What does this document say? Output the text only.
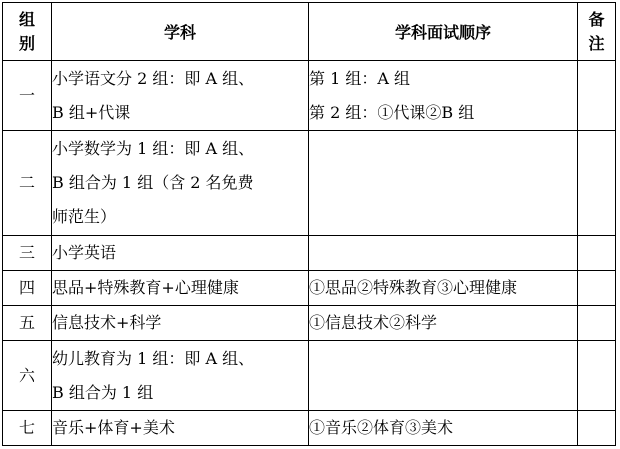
组别	学科	学科面试顺序	备注

一	小学语文分 2 组：即 A 组、
B 组+代课	第 1 组：A 组
第 2 组：①代课②B 组	
二	小学数学为 1 组：即 A 组、
B 组合为 1 组（含 2 名免费
师范生）		
三	小学英语		
四	思品+特殊教育+心理健康	①思品②特殊教育③心理健康	
五	信息技术+科学	①信息技术②科学	
六	幼儿教育为 1 组：即 A 组、
B 组合为 1 组		
七	音乐+体育+美术	①音乐②体育③美术	
